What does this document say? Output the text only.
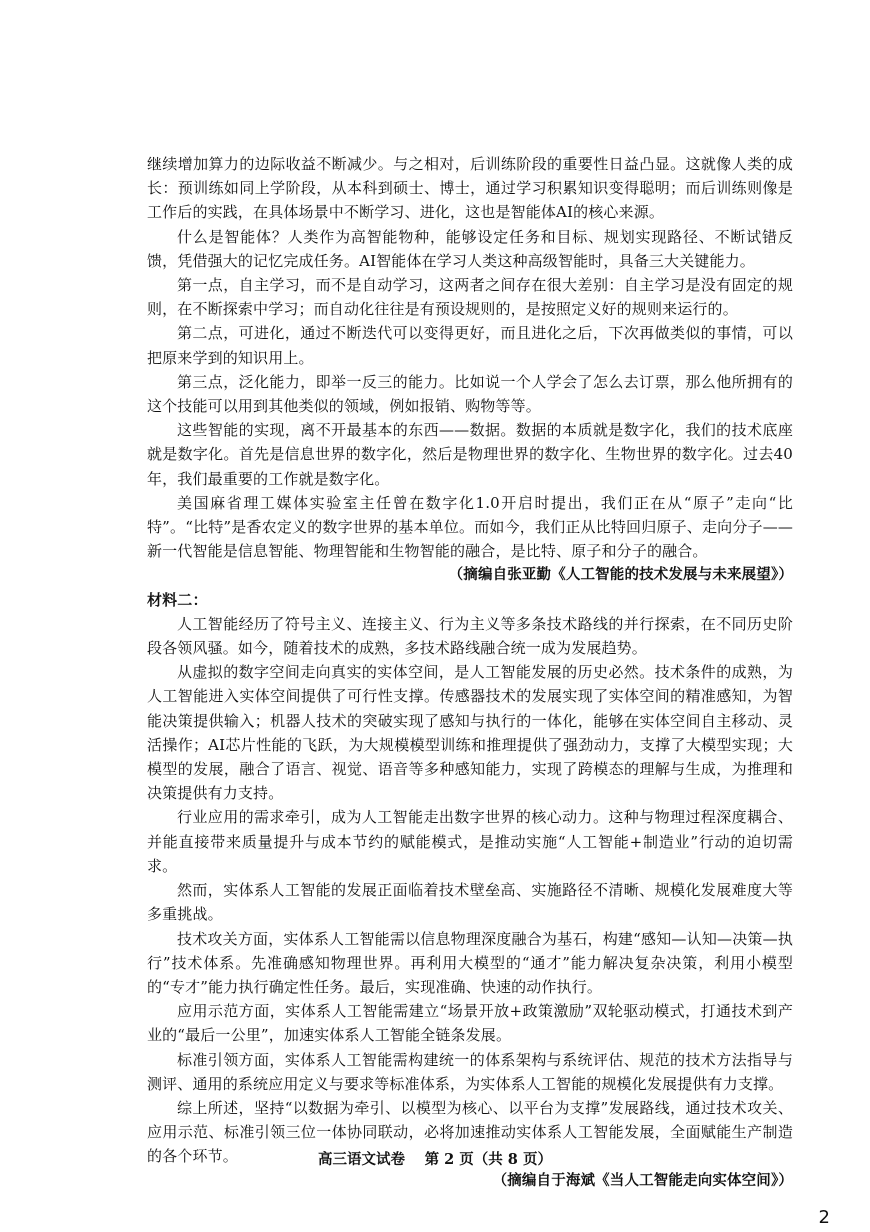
继续增加算力的边际收益不断减少。与之相对，后训练阶段的重要性日益凸显。这就像人类的成长：预训练如同上学阶段，从本科到硕士、博士，通过学习积累知识变得聪明；而后训练则像是工作后的实践，在具体场景中不断学习、进化，这也是智能体AI的核心来源。

什么是智能体？人类作为高智能物种，能够设定任务和目标、规划实现路径、不断试错反馈，凭借强大的记忆完成任务。AI智能体在学习人类这种高级智能时，具备三大关键能力。

第一点，自主学习，而不是自动学习，这两者之间存在很大差别：自主学习是没有固定的规则，在不断探索中学习；而自动化往往是有预设规则的，是按照定义好的规则来运行的。

第二点，可进化，通过不断迭代可以变得更好，而且进化之后，下次再做类似的事情，可以把原来学到的知识用上。

第三点，泛化能力，即举一反三的能力。比如说一个人学会了怎么去订票，那么他所拥有的这个技能可以用到其他类似的领域，例如报销、购物等等。

这些智能的实现，离不开最基本的东西——数据。数据的本质就是数字化，我们的技术底座就是数字化。首先是信息世界的数字化，然后是物理世界的数字化、生物世界的数字化。过去40年，我们最重要的工作就是数字化。

美国麻省理工媒体实验室主任曾在数字化1.0开启时提出，我们正在从“原子”走向“比特”。“比特”是香农定义的数字世界的基本单位。而如今，我们正从比特回归原子、走向分子——新一代智能是信息智能、物理智能和生物智能的融合，是比特、原子和分子的融合。

（摘编自张亚勤《人工智能的技术发展与未来展望》）

材料二：

人工智能经历了符号主义、连接主义、行为主义等多条技术路线的并行探索，在不同历史阶段各领风骚。如今，随着技术的成熟，多技术路线融合统一成为发展趋势。

从虚拟的数字空间走向真实的实体空间，是人工智能发展的历史必然。技术条件的成熟，为人工智能进入实体空间提供了可行性支撑。传感器技术的发展实现了实体空间的精准感知，为智能决策提供输入；机器人技术的突破实现了感知与执行的一体化，能够在实体空间自主移动、灵活操作；AI芯片性能的飞跃，为大规模模型训练和推理提供了强劲动力，支撑了大模型实现；大模型的发展，融合了语言、视觉、语音等多种感知能力，实现了跨模态的理解与生成，为推理和决策提供有力支持。

行业应用的需求牵引，成为人工智能走出数字世界的核心动力。这种与物理过程深度耦合、并能直接带来质量提升与成本节约的赋能模式，是推动实施“人工智能+制造业”行动的迫切需求。

然而，实体系人工智能的发展正面临着技术壁垒高、实施路径不清晰、规模化发展难度大等多重挑战。

技术攻关方面，实体系人工智能需以信息物理深度融合为基石，构建“感知—认知—决策—执行”技术体系。先准确感知物理世界。再利用大模型的“通才”能力解决复杂决策，利用小模型的“专才”能力执行确定性任务。最后，实现准确、快速的动作执行。

应用示范方面，实体系人工智能需建立“场景开放+政策激励”双轮驱动模式，打通技术到产业的“最后一公里”，加速实体系人工智能全链条发展。

标准引领方面，实体系人工智能需构建统一的体系架构与系统评估、规范的技术方法指导与测评、通用的系统应用定义与要求等标准体系，为实体系人工智能的规模化发展提供有力支撑。

综上所述，坚持“以数据为牵引、以模型为核心、以平台为支撑”发展路线，通过技术攻关、应用示范、标准引领三位一体协同联动，必将加速推动实体系人工智能发展，全面赋能生产制造的各个环节。

（摘编自于海斌《当人工智能走向实体空间》）

高三语文试卷　 第 2 页（共 8 页）
2
